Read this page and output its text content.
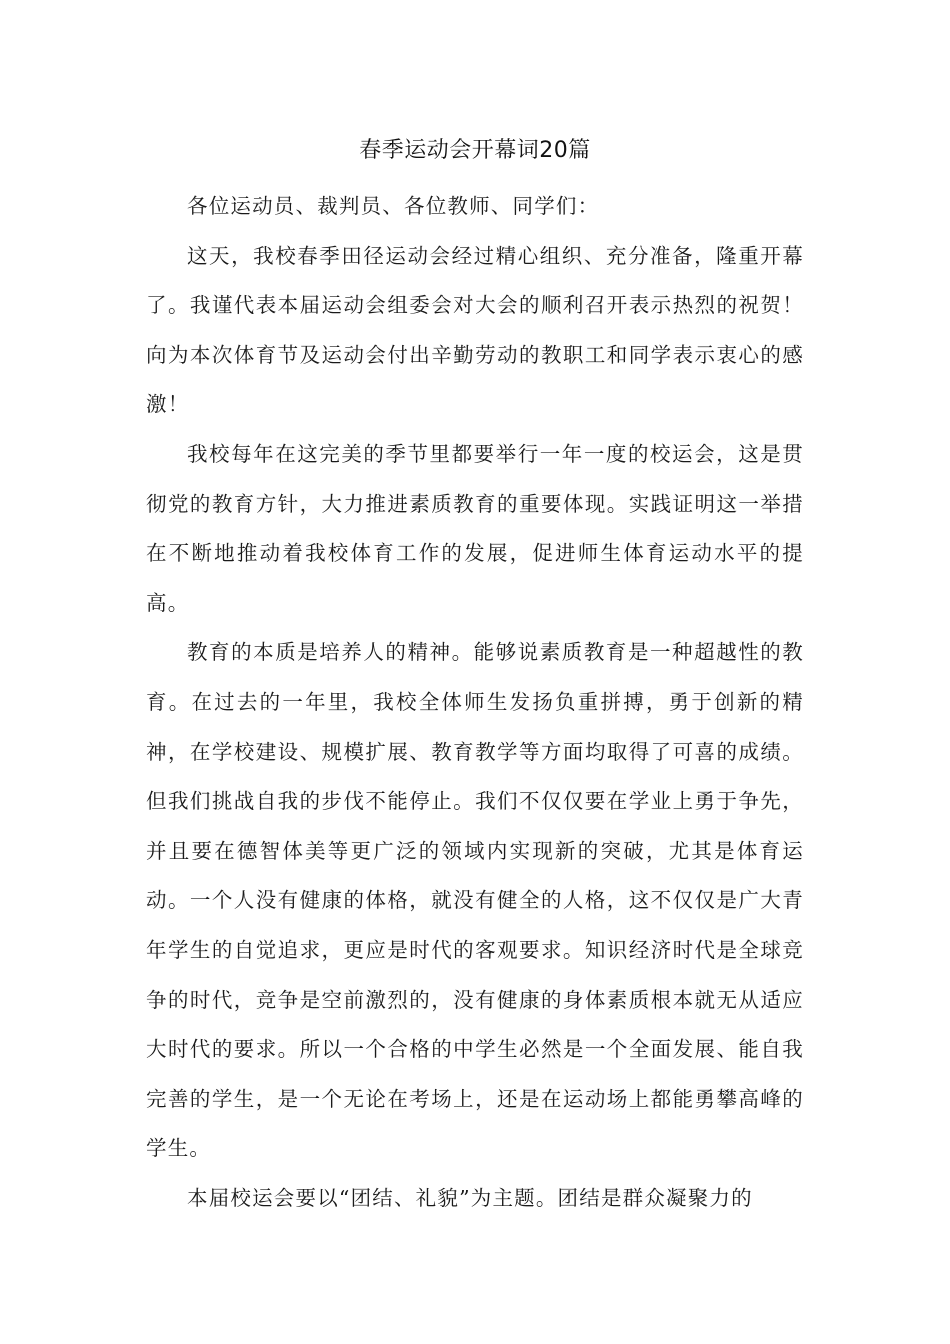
春季运动会开幕词20篇

各位运动员、裁判员、各位教师、同学们：

这天，我校春季田径运动会经过精心组织、充分准备，隆重开幕了。我谨代表本届运动会组委会对大会的顺利召开表示热烈的祝贺！向为本次体育节及运动会付出辛勤劳动的教职工和同学表示衷心的感激！

我校每年在这完美的季节里都要举行一年一度的校运会，这是贯彻党的教育方针，大力推进素质教育的重要体现。实践证明这一举措在不断地推动着我校体育工作的发展，促进师生体育运动水平的提高。

教育的本质是培养人的精神。能够说素质教育是一种超越性的教育。在过去的一年里，我校全体师生发扬负重拼搏，勇于创新的精神，在学校建设、规模扩展、教育教学等方面均取得了可喜的成绩。但我们挑战自我的步伐不能停止。我们不仅仅要在学业上勇于争先，并且要在德智体美等更广泛的领域内实现新的突破，尤其是体育运动。一个人没有健康的体格，就没有健全的人格，这不仅仅是广大青年学生的自觉追求，更应是时代的客观要求。知识经济时代是全球竞争的时代，竞争是空前激烈的，没有健康的身体素质根本就无从适应大时代的要求。所以一个合格的中学生必然是一个全面发展、能自我完善的学生，是一个无论在考场上，还是在运动场上都能勇攀高峰的学生。

本届校运会要以“团结、礼貌”为主题。团结是群众凝聚力的
